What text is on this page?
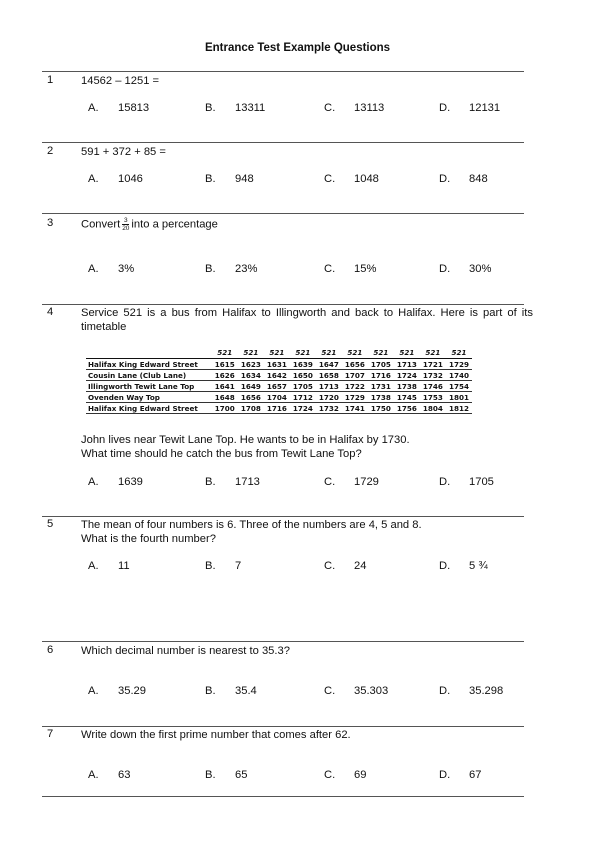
Entrance Test Example Questions
1 14562 – 1251 =
A. 15813	B. 13311	C. 13113	D. 12131
2 591 + 372 + 85 =
A. 1046	B. 948	C. 1048	D. 848
3 Convert $\frac{3}{20}$ into a percentage
A. 3%	B. 23%	C. 15%	D. 30%
4 Service 521 is a bus from Halifax to Illingworth and back to Halifax. Here is part of its timetable
	521	521	521	521	521	521	521	521	521	521
Halifax King Edward Street	1615	1623	1631	1639	1647	1656	1705	1713	1721	1729
Cousin Lane (Club Lane)	1626	1634	1642	1650	1658	1707	1716	1724	1732	1740
Illingworth Tewit Lane Top	1641	1649	1657	1705	1713	1722	1731	1738	1746	1754
Ovenden Way Top	1648	1656	1704	1712	1720	1729	1738	1745	1753	1801
Halifax King Edward Street	1700	1708	1716	1724	1732	1741	1750	1756	1804	1812
John lives near Tewit Lane Top. He wants to be in Halifax by 1730.
What time should he catch the bus from Tewit Lane Top?
A. 1639	B. 1713	C. 1729	D. 1705
5 The mean of four numbers is 6. Three of the numbers are 4, 5 and 8.
What is the fourth number?
A. 11	B. 7	C. 24	D. 5 ¾
6 Which decimal number is nearest to 35.3?
A. 35.29	B. 35.4	C. 35.303	D. 35.298
7 Write down the first prime number that comes after 62.
A. 63	B. 65	C. 69	D. 67
